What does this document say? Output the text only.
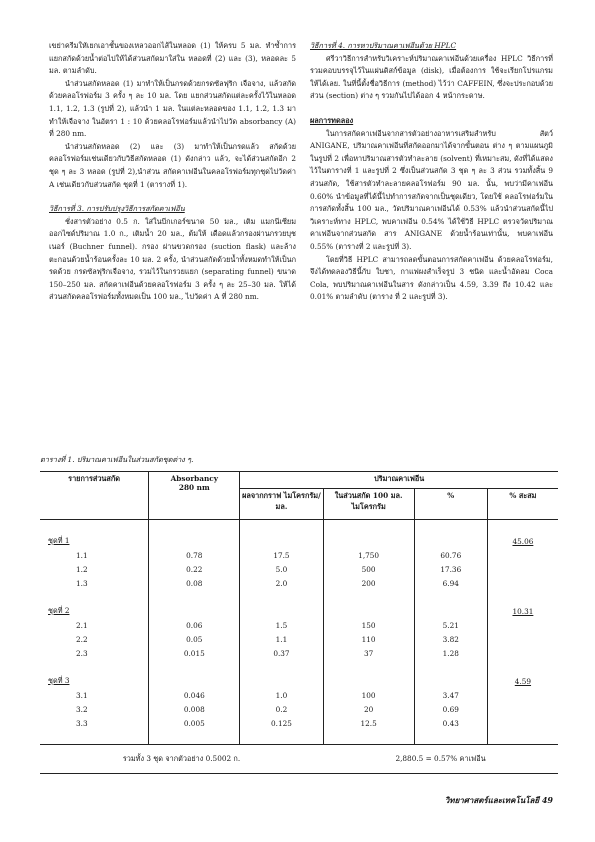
เขย่าครีมใหัเยกเอาชั้นของเหลวออกไส้ในหลอด (1) ให้ครบ 5 มล. ทำซ้ำการแยกสกัดด้วยน้ำต่อไปให้ได้ส่วนสกัดมาใส่ใน หลอดที่ (2) และ (3), หลอดละ 5 มล. ตามลำดับ.

นำส่วนสกัดหลอด (1) มาทำให้เป็นกรดด้วยกรดซัลฟุริก เจือจาง, แล้วสกัดด้วยคลอโรฟอร์ม 3 ครั้ง ๆ ละ 10 มล. โดย แยกส่วนสกัดแต่ละครั้งไว้ในหลอด 1.1, 1.2, 1.3 (รูปที่ 2), แล้วนำ 1 มล. ในแต่ละหลอดของ 1.1, 1.2, 1.3 มาทำให้เจือจาง ในอัตรา 1 : 10 ด้วยคลอโรฟอร์มแล้วนำไปวัด absorbancy (A) ที่ 280 nm.

นำส่วนสกัดหลอด (2) และ (3) มาทำให้เป็นกรดแล้ว สกัดด้วยคลอโรฟอร์มเช่นเดียวกับวิธีสกัดหลอด (1) ดังกล่าว แล้ว, จะได้ส่วนสกัดอีก 2 ชุด ๆ ละ 3 หลอด (รูปที่ 2),นำส่วน สกัดคาเฟอีนในคลอโรฟอร์มทุกชุดไปวัดค่า A เช่นเดียวกับส่วนสกัด ชุดที่ 1 (ตารางที่ 1).

วิธีการที่ 3. การปรับปรุงวิธีการสกัดคาเฟอีน

ชั่งสารตัวอย่าง 0.5 ก. ใส่ในบีกเกอร์ขนาด 50 มล., เติม แมกนีเซียมออกไซด์ปริมาณ 1.0 ก., เติมน้ำ 20 มล., ต้มให้ เดือดแล้วกรองผ่านกรวยบุชเนอร์ (Buchner funnel). กรอง ผ่านขวดกรอง (suction flask) และล้างตะกอนด้วยน้ำร้อนครั้งละ 10 มล. 2 ครั้ง, นำส่วนสกัดด้วยน้ำทั้งหมดทำให้เป็นกรดด้วย กรดซัลฟุริกเจือจาง, รวมไว้ในกรวยแยก (separating funnel) ขนาด 150–250 มล. สกัดคาเฟอีนด้วยคลอโรฟอร์ม 3 ครั้ง ๆ ละ 25–30 มล. ให้ได้ส่วนสกัดคลอโรฟอร์มทั้งหมดเป็น 100 มล., ไปวัดค่า A ที่ 280 nm.

วิธีการที่ 4. การหาปริมาณคาเฟอีนด้วย HPLC

ศรีวาวิธีการสำหรับวิเคราะห์ปริมาณคาเฟอีนด้วยเครื่อง HPLC วิธีการที่รวมคอบบรรจุไว้ในแผ่นดิสก์ข้อมูล (disk), เมื่อต้องการ ใช้จะเรียกโปรแกรมให้ได้เลย. ในที่นี้ตั้งชื่อวิธีการ (method) ไว้ว่า CAFFEIN, ซึ่งจะประกอบด้วยส่วน (section) ต่าง ๆ รวมกันไปได้ออก 4 หน้ากระดาษ.

ผลการทดลอง

ในการสกัดคาเฟอีนจากสารตัวอย่างอาหารเสริมสำหรับ สัตว์ ANIGANE, ปริมาณคาเฟอีนที่สกัดออกมาได้จากขั้นตอน ต่าง ๆ ตามแผนภูมิในรูปที่ 2 เพื่อหาปริมาณสารตัวทำละลาย (solvent) ที่เหมาะสม, ดังที่ได้แสดงไว้ในตารางที่ 1 และรูปที่ 2 ซึ่งเป็นส่วนสกัด 3 ชุด ๆ ละ 3 ส่วน รวมทั้งสิ้น 9 ส่วนสกัด, ใช้สารตัวทำละลายคลอโรฟอร์ม 90 มล. นั้น, พบว่ามีคาเฟอีน 0.60% นำข้อมูลที่ได้นี้ไปทำการสกัดจากเป็นชุดเดียว, โดยใช้ คลอโรฟอร์มในการสกัดทั้งสิ้น 100 มล., วัดปริมาณคาเฟอีนได้ 0.53% แล้วนำส่วนสกัดนี้ไปวิเคราะห์ทาง HPLC, พบคาเฟอีน 0.54% ได้ใช้วิธี HPLC ตรวจวัดปริมาณคาเฟอีนจากส่วนสกัด สาร ANIGANE ด้วยน้ำร้อนเท่านั้น, พบคาเฟอีน 0.55% (ตารางที่ 2 และรูปที่ 3).

โดยที่วิธี HPLC สามารถลดขั้นตอนการสกัดคาเฟอีน ด้วยคลอโรฟอร์ม, จึงได้ทดลองวิธีนี้กับ ใบชา, กาแฟผงสำเร็จรูป 3 ชนิด และน้ำอัดลม Coca Cola, พบปริมาณคาเฟอีนในสาร ดังกล่าวเป็น 4.59, 3.39 ถึง 10.42 และ 0.01% ตามลำดับ (ตาราง ที่ 2 และรูปที่ 3).

ตารางที่ 1. ปริมาณคาเฟอีนในส่วนสกัดชุดต่าง ๆ.
รายการส่วนสกัด	Absorbancy
280 nm	ปริมาณคาเฟอีน			
		ผลจากกราฟ ไมโครกรัม/มล.	ในส่วนสกัด 100 มล. ไมโครกรัม	%	% สะสม

ชุดที่ 1					45.06
1.1	0.78	17.5	1,750	60.76	
1.2	0.22	5.0	500	17.36	
1.3	0.08	2.0	200	6.94	

ชุดที่ 2					10.31
2.1	0.06	1.5	150	5.21	
2.2	0.05	1.1	110	3.82	
2.3	0.015	0.37	37	1.28	

ชุดที่ 3					4.59
3.1	0.046	1.0	100	3.47	
3.2	0.008	0.2	20	0.69	
3.3	0.005	0.125	12.5	0.43	

รวมทั้ง 3 ชุด จากตัวอย่าง 0.5002 ก.			2,880.5 = 0.57% คาเฟอีน		
วิทยาศาสตร์และเทคโนโลยี 49
